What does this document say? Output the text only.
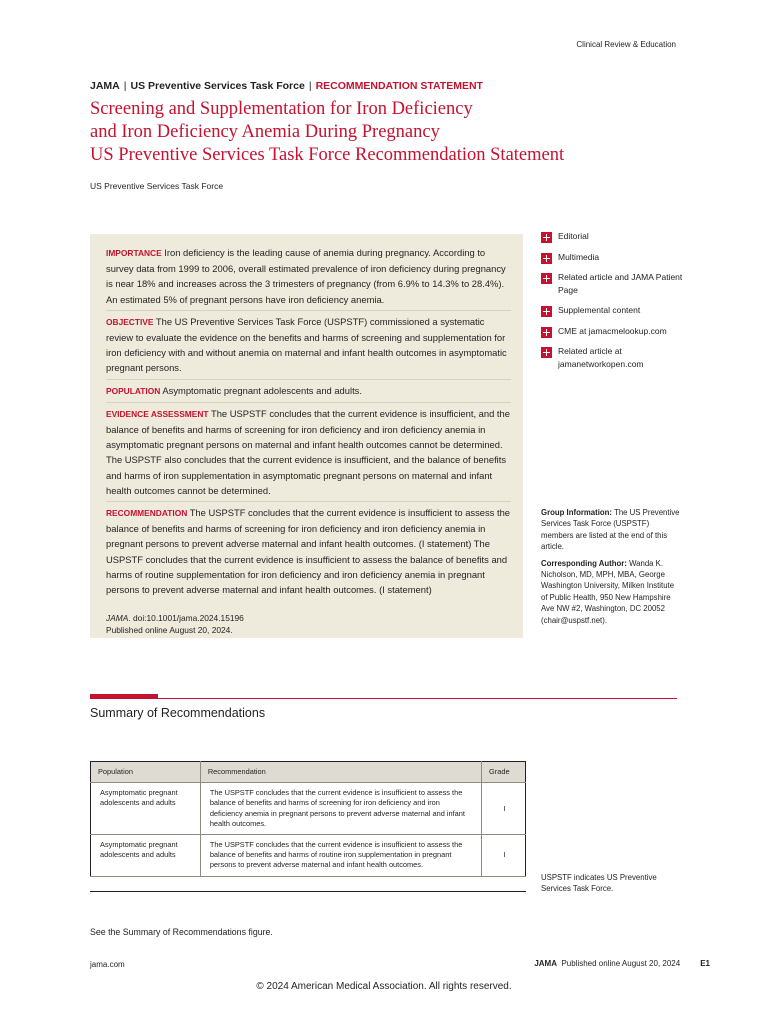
Clinical Review & Education
JAMA | US Preventive Services Task Force | RECOMMENDATION STATEMENT
Screening and Supplementation for Iron Deficiency
and Iron Deficiency Anemia During Pregnancy
US Preventive Services Task Force Recommendation Statement
US Preventive Services Task Force
IMPORTANCE Iron deficiency is the leading cause of anemia during pregnancy. According to survey data from 1999 to 2006, overall estimated prevalence of iron deficiency during pregnancy is near 18% and increases across the 3 trimesters of pregnancy (from 6.9% to 14.3% to 28.4%). An estimated 5% of pregnant persons have iron deficiency anemia.
OBJECTIVE The US Preventive Services Task Force (USPSTF) commissioned a systematic review to evaluate the evidence on the benefits and harms of screening and supplementation for iron deficiency with and without anemia on maternal and infant health outcomes in asymptomatic pregnant persons.
POPULATION Asymptomatic pregnant adolescents and adults.
EVIDENCE ASSESSMENT The USPSTF concludes that the current evidence is insufficient, and the balance of benefits and harms of screening for iron deficiency and iron deficiency anemia in asymptomatic pregnant persons on maternal and infant health outcomes cannot be determined. The USPSTF also concludes that the current evidence is insufficient, and the balance of benefits and harms of iron supplementation in asymptomatic pregnant persons on maternal and infant health outcomes cannot be determined.
RECOMMENDATION The USPSTF concludes that the current evidence is insufficient to assess the balance of benefits and harms of screening for iron deficiency and iron deficiency anemia in pregnant persons to prevent adverse maternal and infant health outcomes. (I statement) The USPSTF concludes that the current evidence is insufficient to assess the balance of benefits and harms of routine supplementation for iron deficiency and iron deficiency anemia in pregnant persons to prevent adverse maternal and infant health outcomes. (I statement)
JAMA. doi:10.1001/jama.2024.15196
Published online August 20, 2024.
Editorial
Multimedia
Related article and JAMA Patient Page
Supplemental content
CME at jamacmelookup.com
Related article at jamanetworkopen.com

Group Information: The US Preventive Services Task Force (USPSTF) members are listed at the end of this article.

Corresponding Author: Wanda K. Nicholson, MD, MPH, MBA, George Washington University, Milken Institute of Public Health, 950 New Hampshire Ave NW #2, Washington, DC 20052 (chair@uspstf.net).

Summary of Recommendations
Population	Recommendation	Grade
Asymptomatic pregnant adolescents and adults	The USPSTF concludes that the current evidence is insufficient to assess the balance of benefits and harms of screening for iron deficiency and iron deficiency anemia in pregnant persons to prevent adverse maternal and infant health outcomes.	I
Asymptomatic pregnant adolescents and adults	The USPSTF concludes that the current evidence is insufficient to assess the balance of benefits and harms of routine iron supplementation in pregnant persons to prevent adverse maternal and infant health outcomes.	I
USPSTF indicates US Preventive Services Task Force.
See the Summary of Recommendations figure.
jama.com	JAMA Published online August 20, 2024	E1
© 2024 American Medical Association. All rights reserved.
